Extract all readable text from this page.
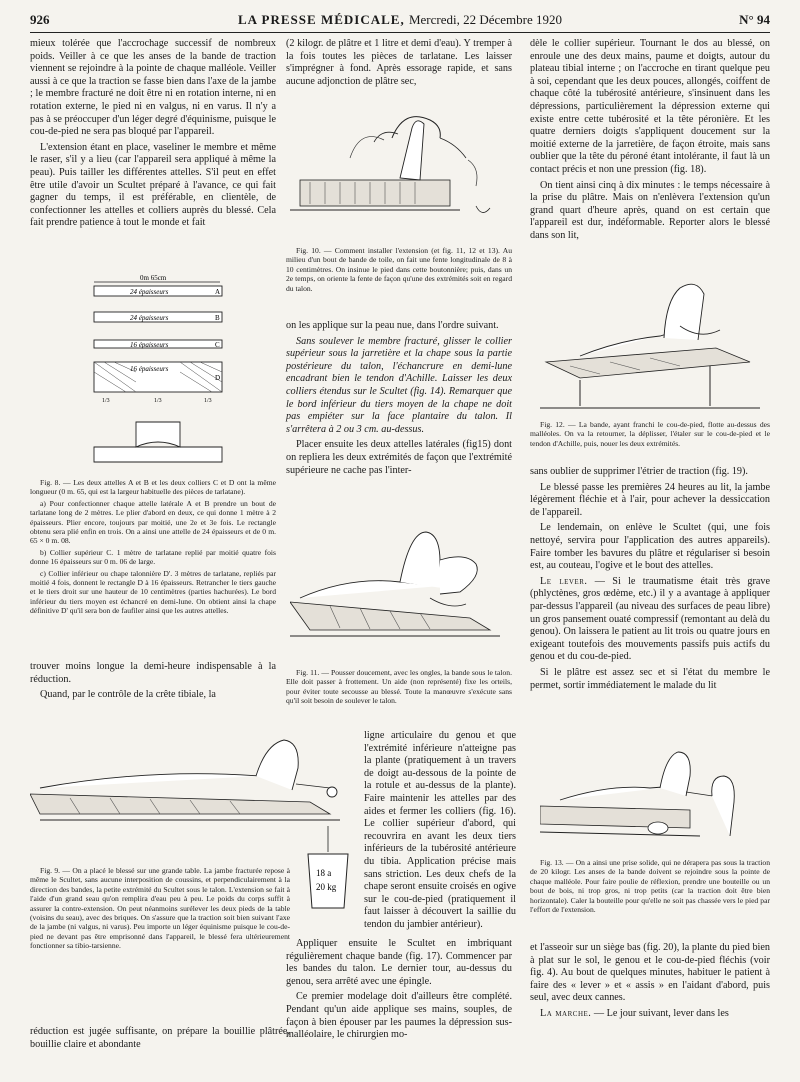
926	LA PRESSE MÉDICALE, Mercredi, 22 Décembre 1920	N° 94

mieux tolérée que l'accrochage successif de nombreux poids. Veiller à ce que les anses de la bande de traction viennent se rejoindre à la pointe de chaque malléole. Veiller aussi à ce que la traction se fasse bien dans l'axe de la jambe ; le membre fracturé ne doit être ni en rotation interne, ni en rotation externe, le pied ni en valgus, ni en varus. Il n'y a pas à se préoccuper d'un léger degré d'équinisme, puisque le cou-de-pied ne sera pas bloqué par l'appareil.

L'extension étant en place, vaseliner le membre et même le raser, s'il y a lieu (car l'appareil sera appliqué à même la peau). Puis tailler les différentes attelles. S'il peut en effet être utile d'avoir un Scultet préparé à l'avance, ce qui fait gagner du temps, il est préférable, en clientèle, de confectionner les attelles et colliers auprès du blessé. Cela fait prendre patience à tout le monde et fait

0m 65cm
24 épaisseurs	A
24 épaisseurs	B
16 épaisseurs	C
16 épaisseurs
D
1/3	1/3	1/3

Fig. 8. — Les deux attelles A et B et les deux colliers C et D ont la même longueur (0 m. 65, qui est la largeur habituelle des pièces de tarlatane).

a) Pour confectionner chaque attelle latérale A et B prendre un bout de tarlatane long de 2 mètres. Le plier d'abord en deux, ce qui donne 1 mètre à 2 épaisseurs. Plier encore, toujours par moitié, une 2e et 3e fois. Le rectangle obtenu sera plié enfin en trois. On a ainsi une attelle de 24 épaisseurs et de 0 m. 65 × 0 m. 08.

b) Collier supérieur C. 1 mètre de tarlatane replié par moitié quatre fois donne 16 épaisseurs sur 0 m. 06 de large.

c) Collier inférieur ou chape talonnière D'. 3 mètres de tarlatane, repliés par moitié 4 fois, donnent le rectangle D à 16 épaisseurs. Retrancher le tiers gauche et le tiers droit sur une hauteur de 10 centimètres (parties hachurées). Le bord inférieur du tiers moyen est échancré en demi-lune. On obtient ainsi la chape définitive D' qu'il sera bon de faufiler ainsi que les autres attelles.

trouver moins longue la demi-heure indispensable à la réduction.

Quand, par le contrôle de la crête tibiale, la

(2 kilogr. de plâtre et 1 litre et demi d'eau). Y tremper à la fois toutes les pièces de tarlatane. Les laisser s'imprégner à fond. Après essorage rapide, et sans aucune adjonction de plâtre sec,

Fig. 10. — Comment installer l'extension (et fig. 11, 12 et 13). Au milieu d'un bout de bande de toile, on fait une fente longitudinale de 8 à 10 centimètres. On insinue le pied dans cette boutonnière; puis, dans un 2e temps, on oriente la fente de façon qu'une des extrémités soit en regard du talon.

on les applique sur la peau nue, dans l'ordre suivant.

Sans soulever le membre fracturé, glisser le collier supérieur sous la jarretière et la chape sous la partie postérieure du talon, l'échancrure en demi-lune encadrant bien le tendon d'Achille. Laisser les deux colliers étendus sur le Scultet (fig. 14). Remarquer que le bord inférieur du tiers moyen de la chape ne doit pas empiéter sur la face plantaire du talon. Il s'arrêtera à 2 ou 3 cm. au-dessus.

Placer ensuite les deux attelles latérales (fig15) dont on repliera les deux extrémités de façon que l'extrémité supérieure ne cache pas l'inter-

Fig. 11. — Pousser doucement, avec les ongles, la bande sous le talon. Elle doit passer à frottement. Un aide (non représenté) fixe les orteils, pour éviter toute secousse au blessé. Toute la manœuvre s'exécute sans qu'il soit besoin de soulever le talon.

dèle le collier supérieur. Tournant le dos au blessé, on enroule une des deux mains, paume et doigts, autour du plateau tibial interne ; on l'accroche en tirant quelque peu à soi, cependant que les deux pouces, allongés, coiffent de chaque côté la tubérosité antérieure, s'insinuent dans les dépressions, particulièrement la dépression externe qui existe entre cette tubérosité et la tête péronière. Et les quatre derniers doigts s'appliquent doucement sur la moitié externe de la jarretière, de façon étroite, mais sans oublier que la tête du péroné étant intolérante, il faut là un contact précis et non une pression (fig. 18).

On tient ainsi cinq à dix minutes : le temps nécessaire à la prise du plâtre. Mais on n'enlèvera l'extension qu'un grand quart d'heure après, quand on est certain que l'appareil est dur, indéformable. Reporter alors le blessé dans son lit,

Fig. 12. — La bande, ayant franchi le cou-de-pied, flotte au-dessus des malléoles. On va la retourner, la déplisser, l'étaler sur le cou-de-pied et le tendon d'Achille, puis, nouer les deux extrémités.

sans oublier de supprimer l'étrier de traction (fig. 19).

Le blessé passe les premières 24 heures au lit, la jambe légèrement fléchie et à l'air, pour achever la dessiccation de l'appareil.

Le lendemain, on enlève le Scultet (qui, une fois nettoyé, servira pour l'application des autres appareils). Faire tomber les bavures du plâtre et régulariser si besoin est, au couteau, l'ogive et le bout des attelles.

Le lever. — Si le traumatisme était très grave (phlyctènes, gros œdème, etc.) il y a avantage à appliquer par-dessus l'appareil (au niveau des surfaces de peau libre) un gros pansement ouaté compressif (remontant au delà du genou). On laissera le patient au lit trois ou quatre jours en exigeant toutefois des mouvements passifs puis actifs du genou et du cou-de-pied.

Si le plâtre est assez sec et si l'état du membre le permet, sortir immédiatement le malade du lit

Fig. 13. — On a ainsi une prise solide, qui ne dérapera pas sous la traction de 20 kilogr. Les anses de la bande doivent se rejoindre sous la pointe de chaque malléole. Pour faire poulie de réflexion, prendre une bouteille ou un bout de bois, ni trop gros, ni trop petits (car la traction doit être bien horizontale). Caler la bouteille pour qu'elle ne soit pas chassée vers le pied par l'effort de l'extension.

et l'asseoir sur un siège bas (fig. 20), la plante du pied bien à plat sur le sol, le genou et le cou-de-pied fléchis (voir fig. 4). Au bout de quelques minutes, habituer le patient à faire des « lever » et « assis » en l'aidant d'abord, puis seul, avec deux cannes.

La marche. — Le jour suivant, lever dans les

18 a
20 kg

Fig. 9. — On a placé le blessé sur une grande table. La jambe fracturée repose à même le Scultet, sans aucune interposition de coussins, et perpendiculairement à la direction des bandes, la petite extrémité du Scultet sous le talon. L'extension se fait à l'aide d'un grand seau qu'on remplira d'eau peu à peu. Le poids du corps suffit à assurer la contre-extension. On peut néanmoins surélever les deux pieds de la table (voisins du seau), avec des briques. On s'assure que la traction soit bien suivant l'axe de la jambe (ni valgus, ni varus). Peu importe un léger équinisme puisque le cou-de-pied ne devant pas être emprisonné dans l'appareil, le blessé fera ultérieurement fonctionner sa tibio-tarsienne.

réduction est jugée suffisante, on prépare la bouillie plâtrée, bouillie claire et abondante

ligne articulaire du genou et que l'extrémité inférieure n'atteigne pas la plante (pratiquement à un travers de doigt au-dessous de la pointe de la rotule et au-dessus de la plante). Faire maintenir les attelles par des aides et fermer les colliers (fig. 16). Le collier supérieur d'abord, qui recouvrira en avant les deux tiers inférieurs de la tubérosité antérieure du tibia. Application précise mais sans striction. Les deux chefs de la chape seront ensuite croisés en ogive sur le cou-de-pied (pratiquement il faut laisser à découvert la saillie du tendon du jambier antérieur).

Appliquer ensuite le Scultet en imbriquant régulièrement chaque bande (fig. 17). Commencer par les bandes du talon. Le dernier tour, au-dessus du genou, sera arrêté avec une épingle.

Ce premier modelage doit d'ailleurs être complété. Pendant qu'un aide applique ses mains, souples, de façon à bien épouser par les paumes la dépression sus-malléolaire, le chirurgien mo-
